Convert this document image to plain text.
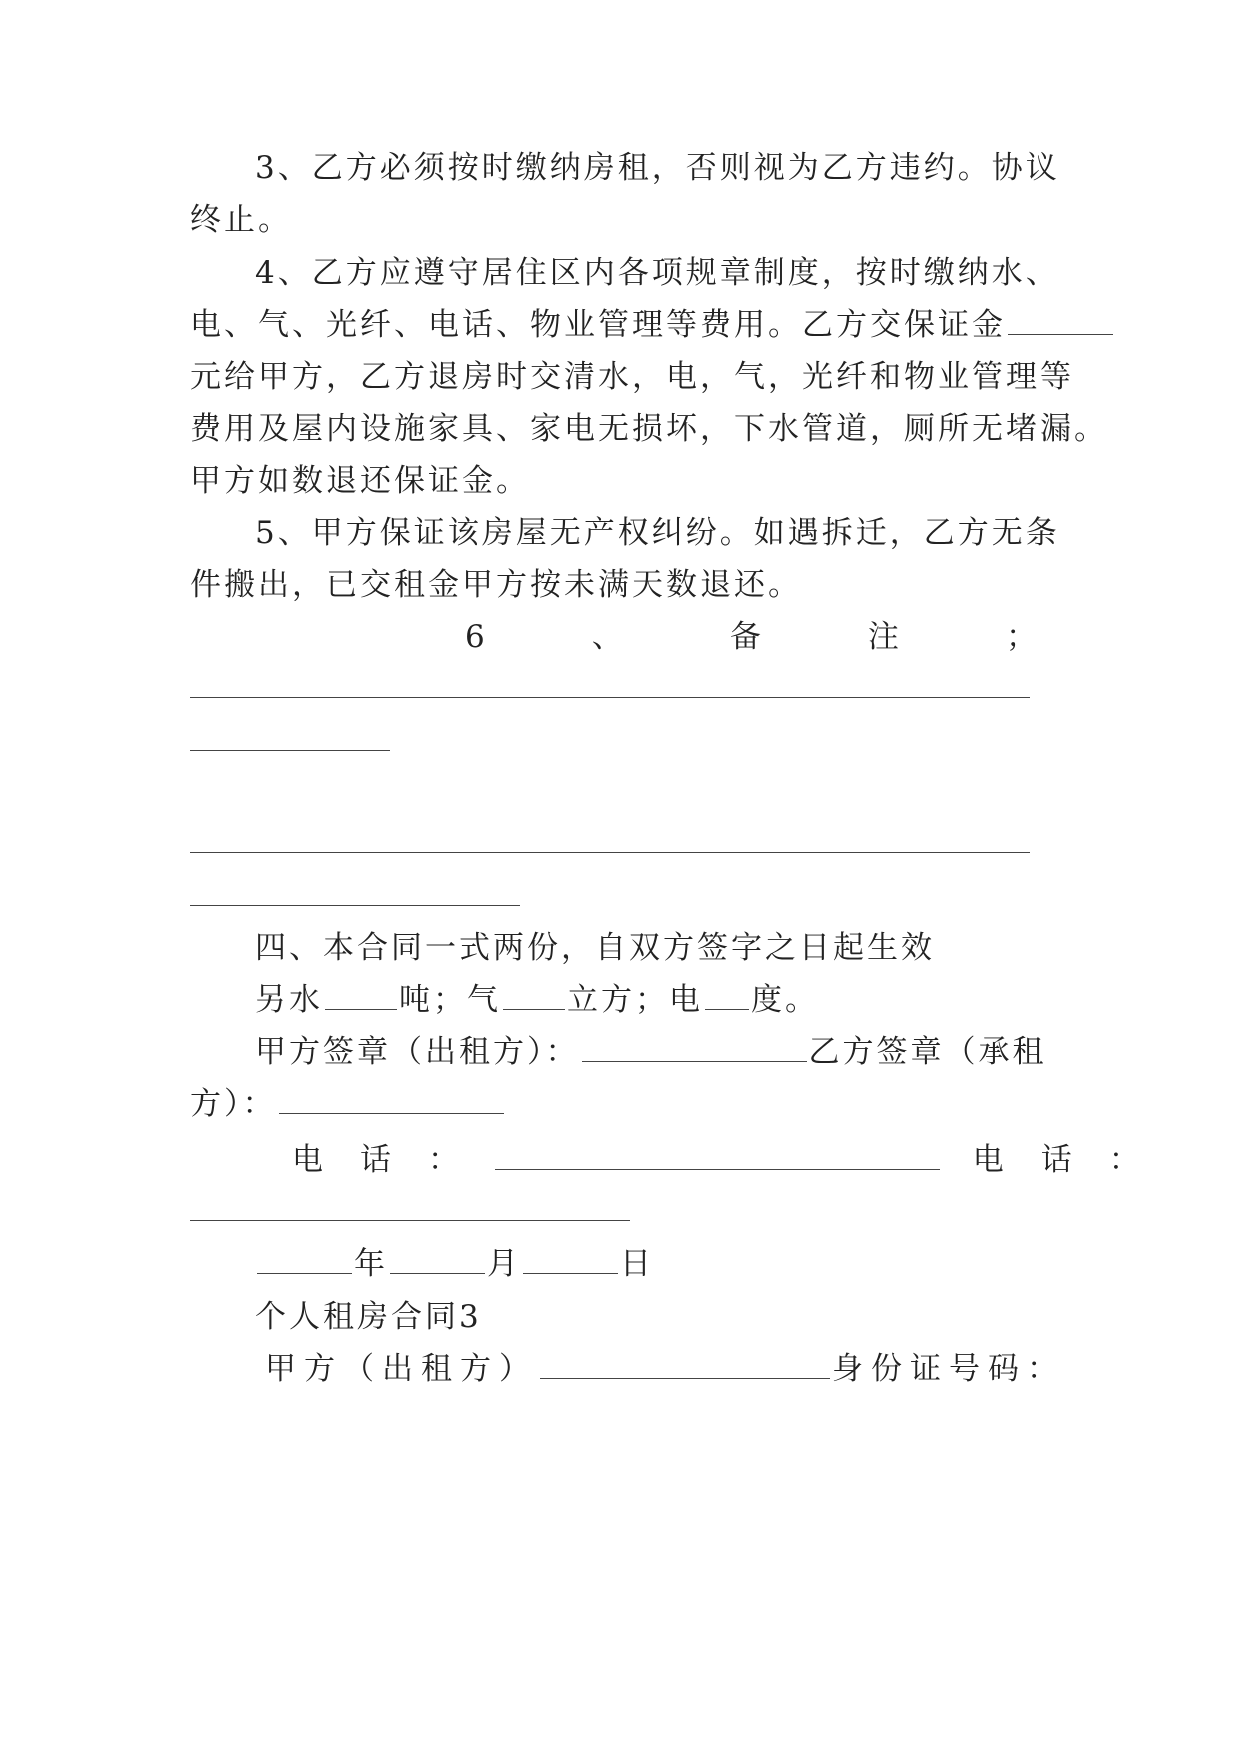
3、乙方必须按时缴纳房租，否则视为乙方违约。协议
终止。
4、乙方应遵守居住区内各项规章制度，按时缴纳水、
电、气、光纤、电话、物业管理等费用。乙方交保证金
元给甲方，乙方退房时交清水，电，气，光纤和物业管理等
费用及屋内设施家具、家电无损坏，下水管道，厕所无堵漏。
甲方如数退还保证金。
5、甲方保证该房屋无产权纠纷。如遇拆迁，乙方无条
件搬出，已交租金甲方按未满天数退还。
6	、	备	注	；
四、本合同一式两份，自双方签字之日起生效
另水 吨；气 立方；电 度。
甲方签章（出租方）：	乙方签章（承租
方）：
电　话　：	电　话　：
年	月	日
个人租房合同3
甲方（出租方）	身份证号码：
